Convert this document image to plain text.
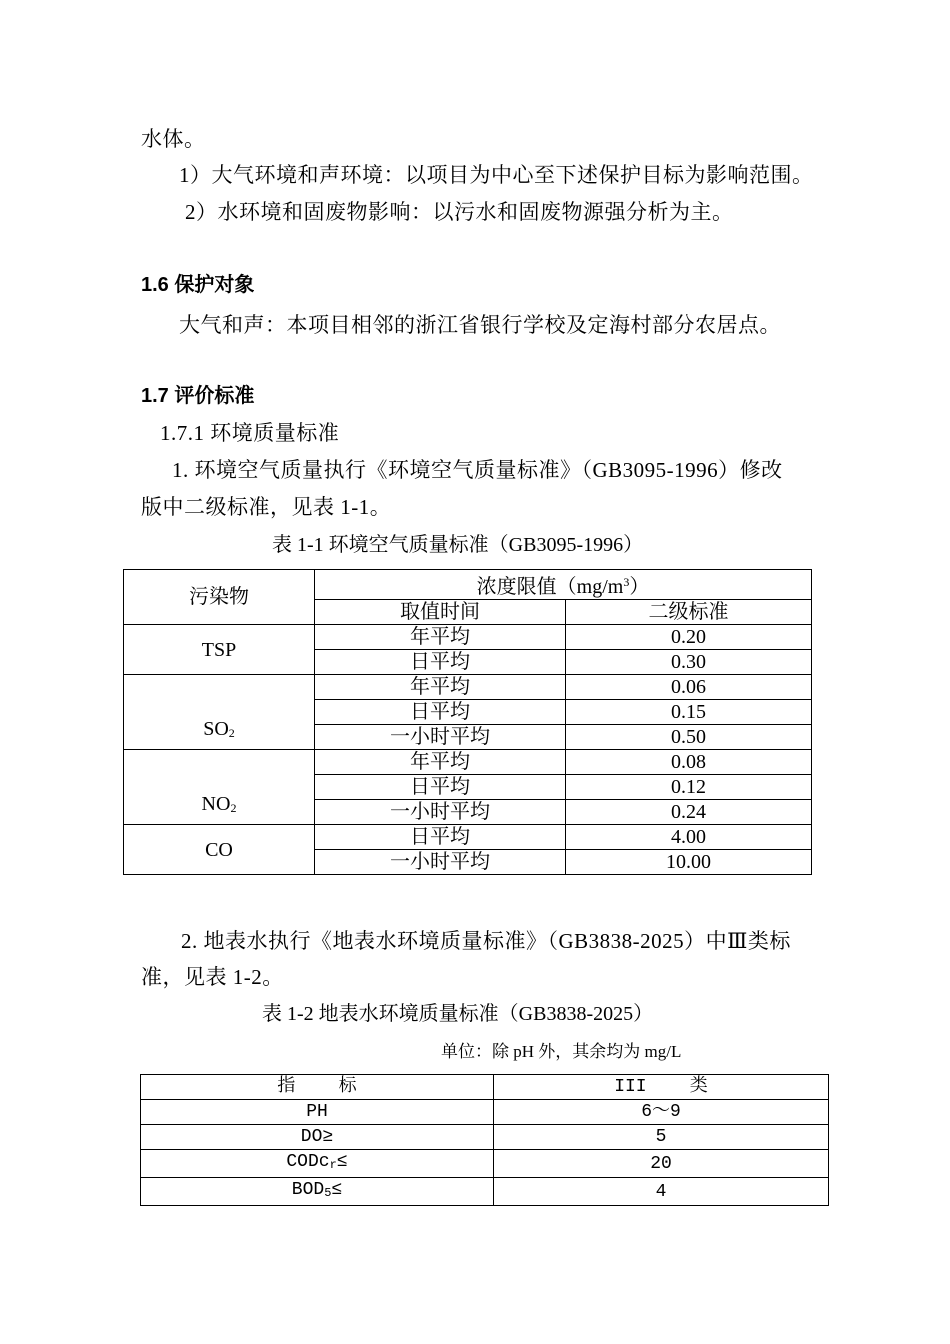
水体。
1）大气环境和声环境：以项目为中心至下述保护目标为影响范围。
2）水环境和固废物影响：以污水和固废物源强分析为主。
1.6 保护对象
大气和声：本项目相邻的浙江省银行学校及定海村部分农居点。
1.7 评价标准
1.7.1 环境质量标准
1. 环境空气质量执行《环境空气质量标准》（GB3095-1996）修改
版中二级标准，见表 1-1。
表 1-1 环境空气质量标准（GB3095-1996）
污染物	浓度限值$(mg/m^3)$	
	取值时间	二级标准
TSP	年平均	0.20
	日平均	0.30
SO2	年平均	0.06
	日平均	0.15
	一小时平均	0.50
NO2	年平均	0.08
	日平均	0.12
	一小时平均	0.24
CO	日平均	4.00
	一小时平均	10.00
2. 地表水执行《地表水环境质量标准》（GB3838-2025）中Ⅲ类标
准，见表 1-2。
表 1-2 地表水环境质量标准（GB3838-2025）
单位：除 pH 外，其余均为 mg/L
指    标	III    类
PH	6～9
DO≥	5
CODcr≤	20
BOD5≤	4
